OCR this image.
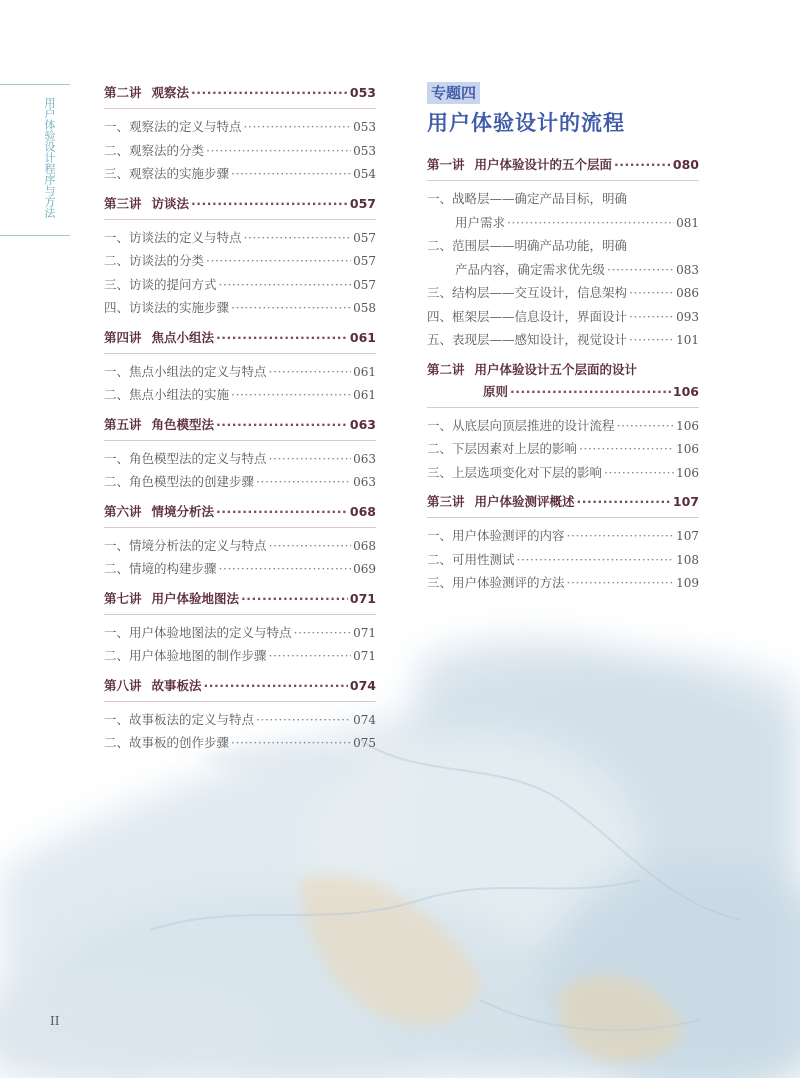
用户体验设计程序与方法
第二讲 观察法 ·····	053
一、观察法的定义与特点 ·····	053
二、观察法的分类 ·····	053
三、观察法的实施步骤 ·····	054
第三讲 访谈法 ·····	057
一、访谈法的定义与特点 ·····	057
二、访谈法的分类 ·····	057
三、访谈的提问方式 ·····	057
四、访谈法的实施步骤 ·····	058
第四讲 焦点小组法 ·····	061
一、焦点小组法的定义与特点 ·····	061
二、焦点小组法的实施 ·····	061
第五讲 角色模型法 ·····	063
一、角色模型法的定义与特点 ·····	063
二、角色模型法的创建步骤 ·····	063
第六讲 情境分析法 ·····	068
一、情境分析法的定义与特点 ·····	068
二、情境的构建步骤 ·····	069
第七讲 用户体验地图法 ·····	071
一、用户体验地图法的定义与特点 ·····	071
二、用户体验地图的制作步骤 ·····	071
第八讲 故事板法 ·····	074
一、故事板法的定义与特点 ·····	074
二、故事板的创作步骤 ·····	075
专题四
用户体验设计的流程
第一讲 用户体验设计的五个层面 ·····	080
一、战略层——确定产品目标，明确
用户需求 ·····	081
二、范围层——明确产品功能，明确
产品内容，确定需求优先级 ·····	083
三、结构层——交互设计，信息架构 ·····	086
四、框架层——信息设计，界面设计 ·····	093
五、表现层——感知设计，视觉设计 ·····	101
第二讲 用户体验设计五个层面的设计
原则 ·····	106
一、从底层向顶层推进的设计流程 ·····	106
二、下层因素对上层的影响 ·····	106
三、上层选项变化对下层的影响 ·····	106
第三讲 用户体验测评概述 ·····	107
一、用户体验测评的内容 ·····	107
二、可用性测试 ·····	108
三、用户体验测评的方法 ·····	109
II
